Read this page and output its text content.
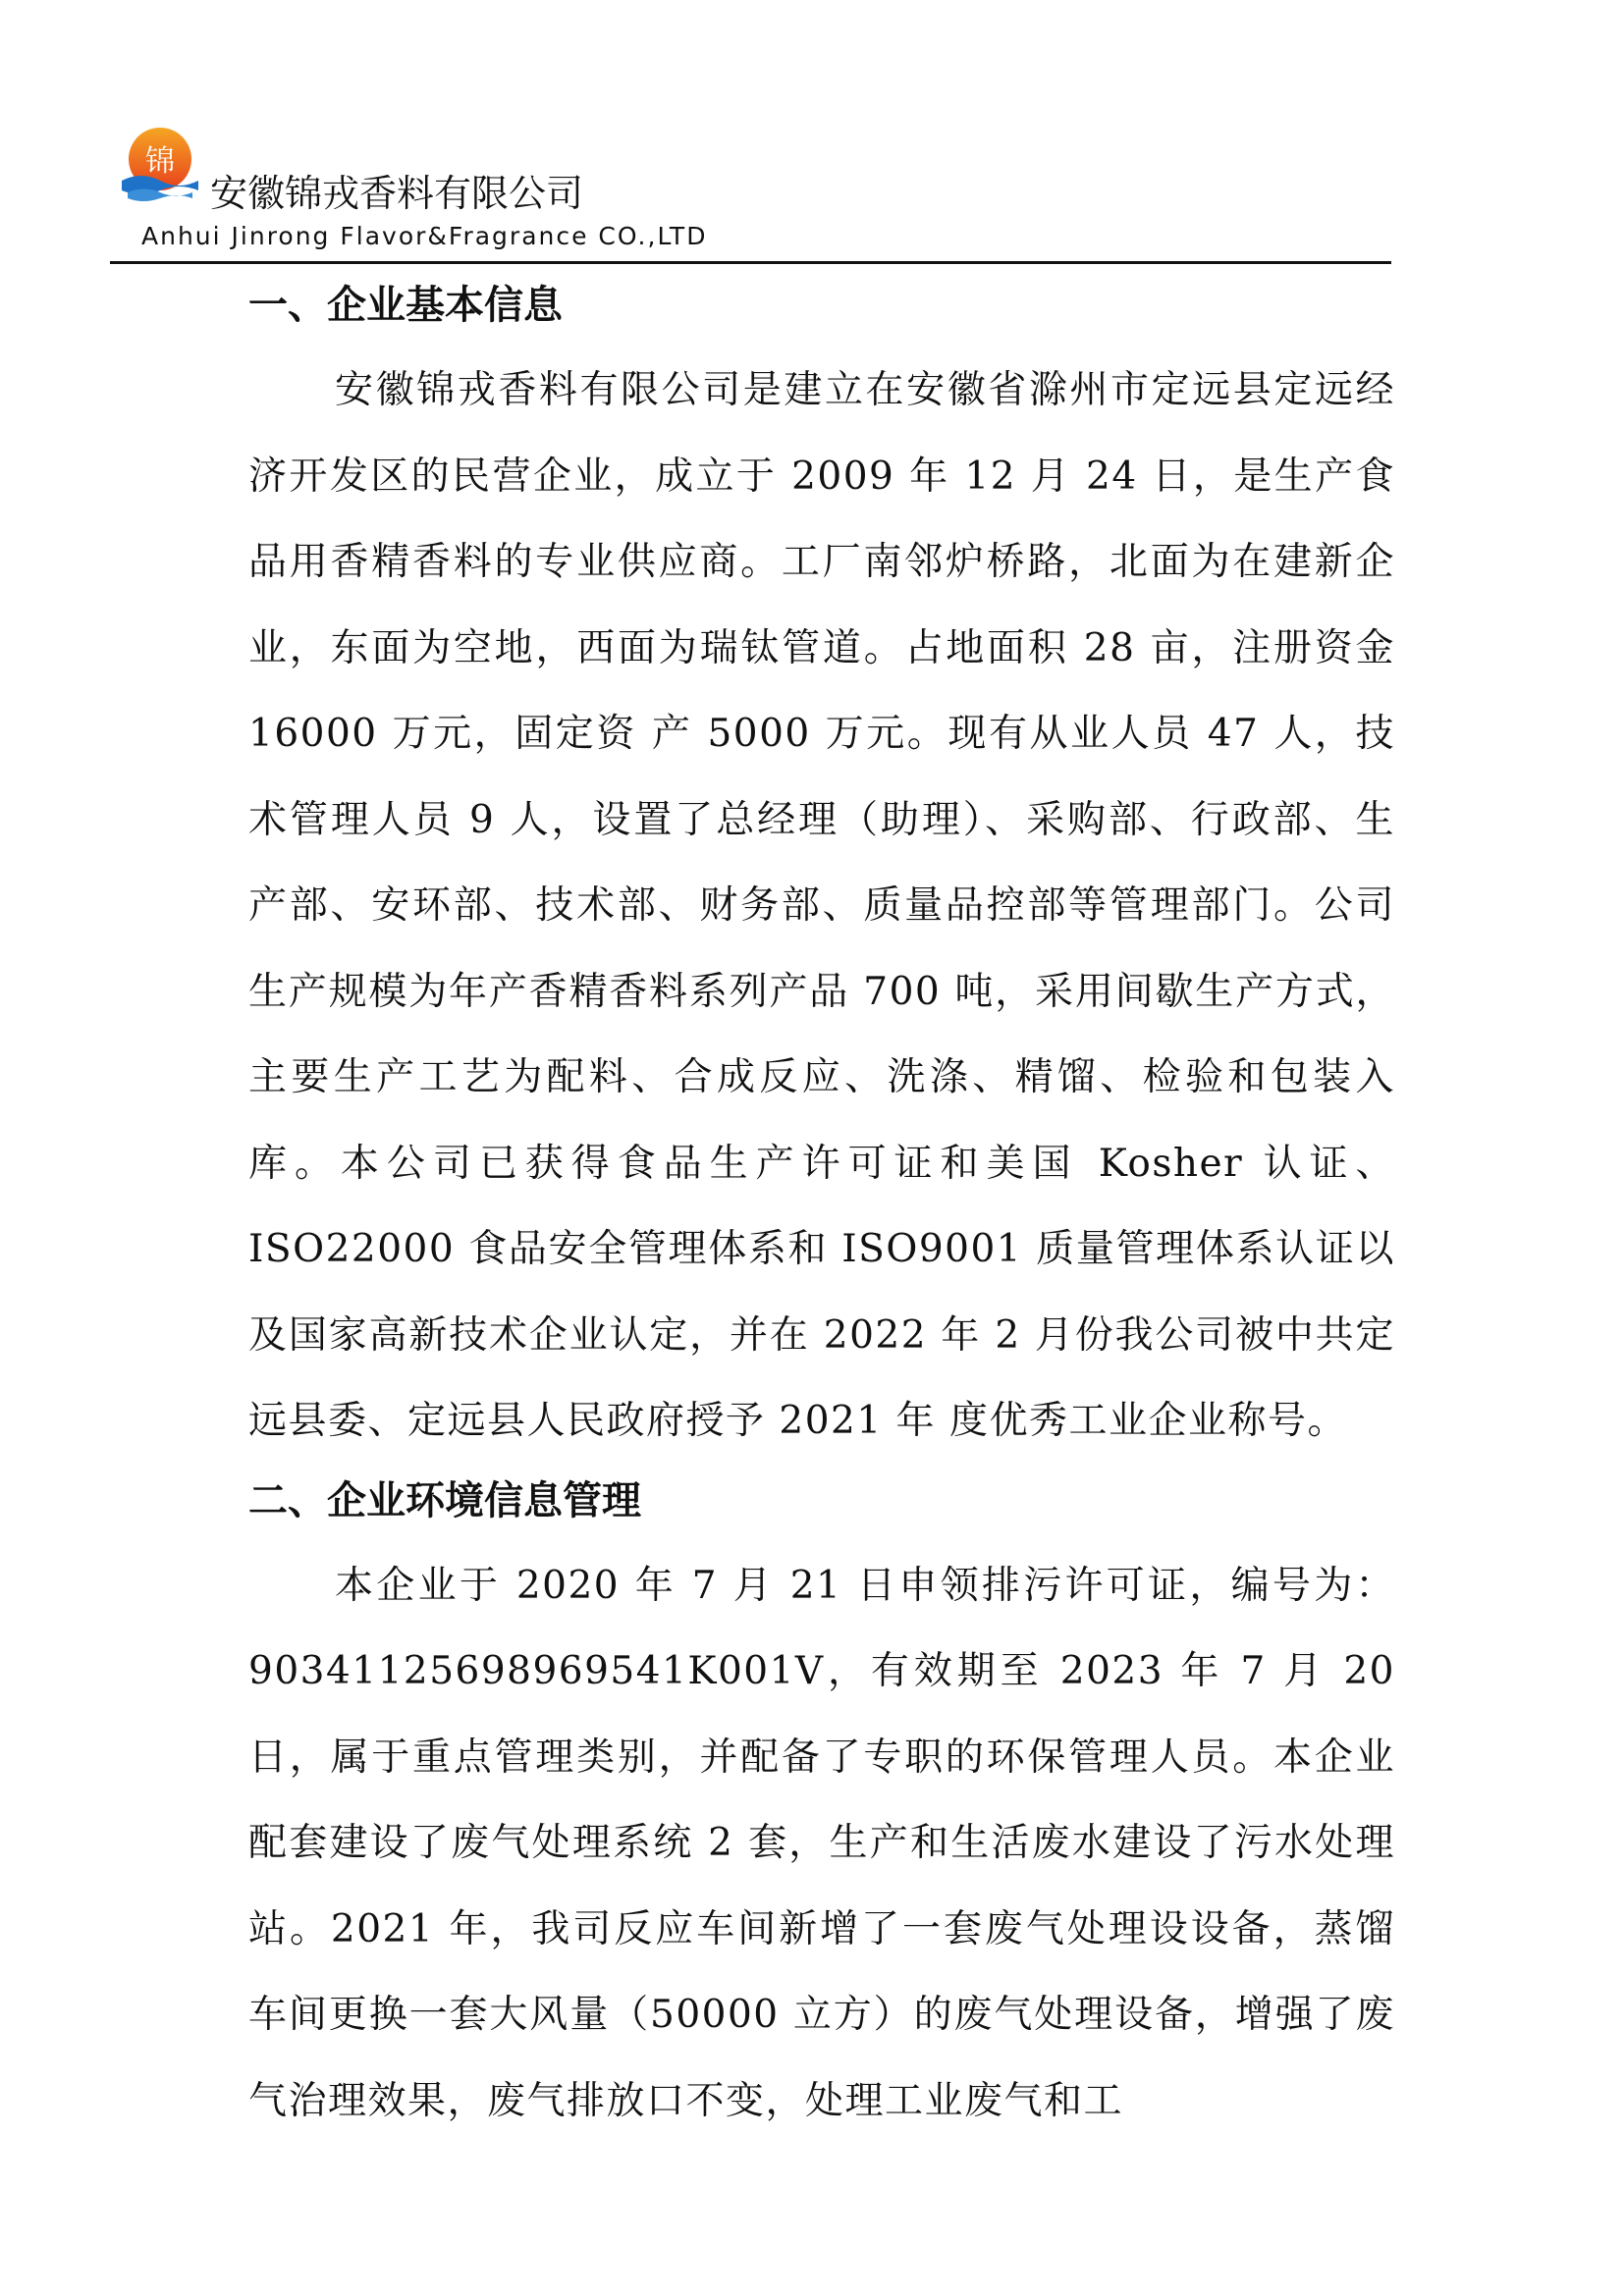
锦
安徽锦戎香料有限公司
Anhui Jinrong Flavor&Fragrance CO.,LTD
一、企业基本信息

安徽锦戎香料有限公司是建立在安徽省滁州市定远县定远经济开发区的民营企业，成立于 2009 年 12 月 24 日，是生产食品用香精香料的专业供应商。工厂南邻炉桥路，北面为在建新企业，东面为空地，西面为瑞钛管道。占地面积 28 亩，注册资金 16000 万元，固定资 产 5000 万元。现有从业人员 47 人，技术管理人员 9 人，设置了总经理（助理）、采购部、行政部、生产部、安环部、技术部、财务部、质量品控部等管理部门。公司生产规模为年产香精香料系列产品 700 吨，采用间歇生产方式，主要生产工艺为配料、合成反应、洗涤、精馏、检验和包装入库。本公司已获得食品生产许可证和美国 Kosher 认证、ISO22000 食品安全管理体系和 ISO9001 质量管理体系认证以及国家高新技术企业认定，并在 2022 年 2 月份我公司被中共定远县委、定远县人民政府授予 2021 年 度优秀工业企业称号。

二、企业环境信息管理

本企业于 2020 年 7 月 21 日申领排污许可证，编号为：9034112569896954​1K001V，有效期至 2023 年 7 月 20 日，属于重点管理类别，并配备了专职的环保管理人员。本企业配套建设了废气处理系统 2 套，生产和生活废水建设了污水处理站。2021 年，我司反应车间新增了一套废气处理设设备，蒸馏车间更换一套大风量（50000 立方）的废气处理设备，增强了废气治理效果，废气排放口不变，处理工业废气和工
